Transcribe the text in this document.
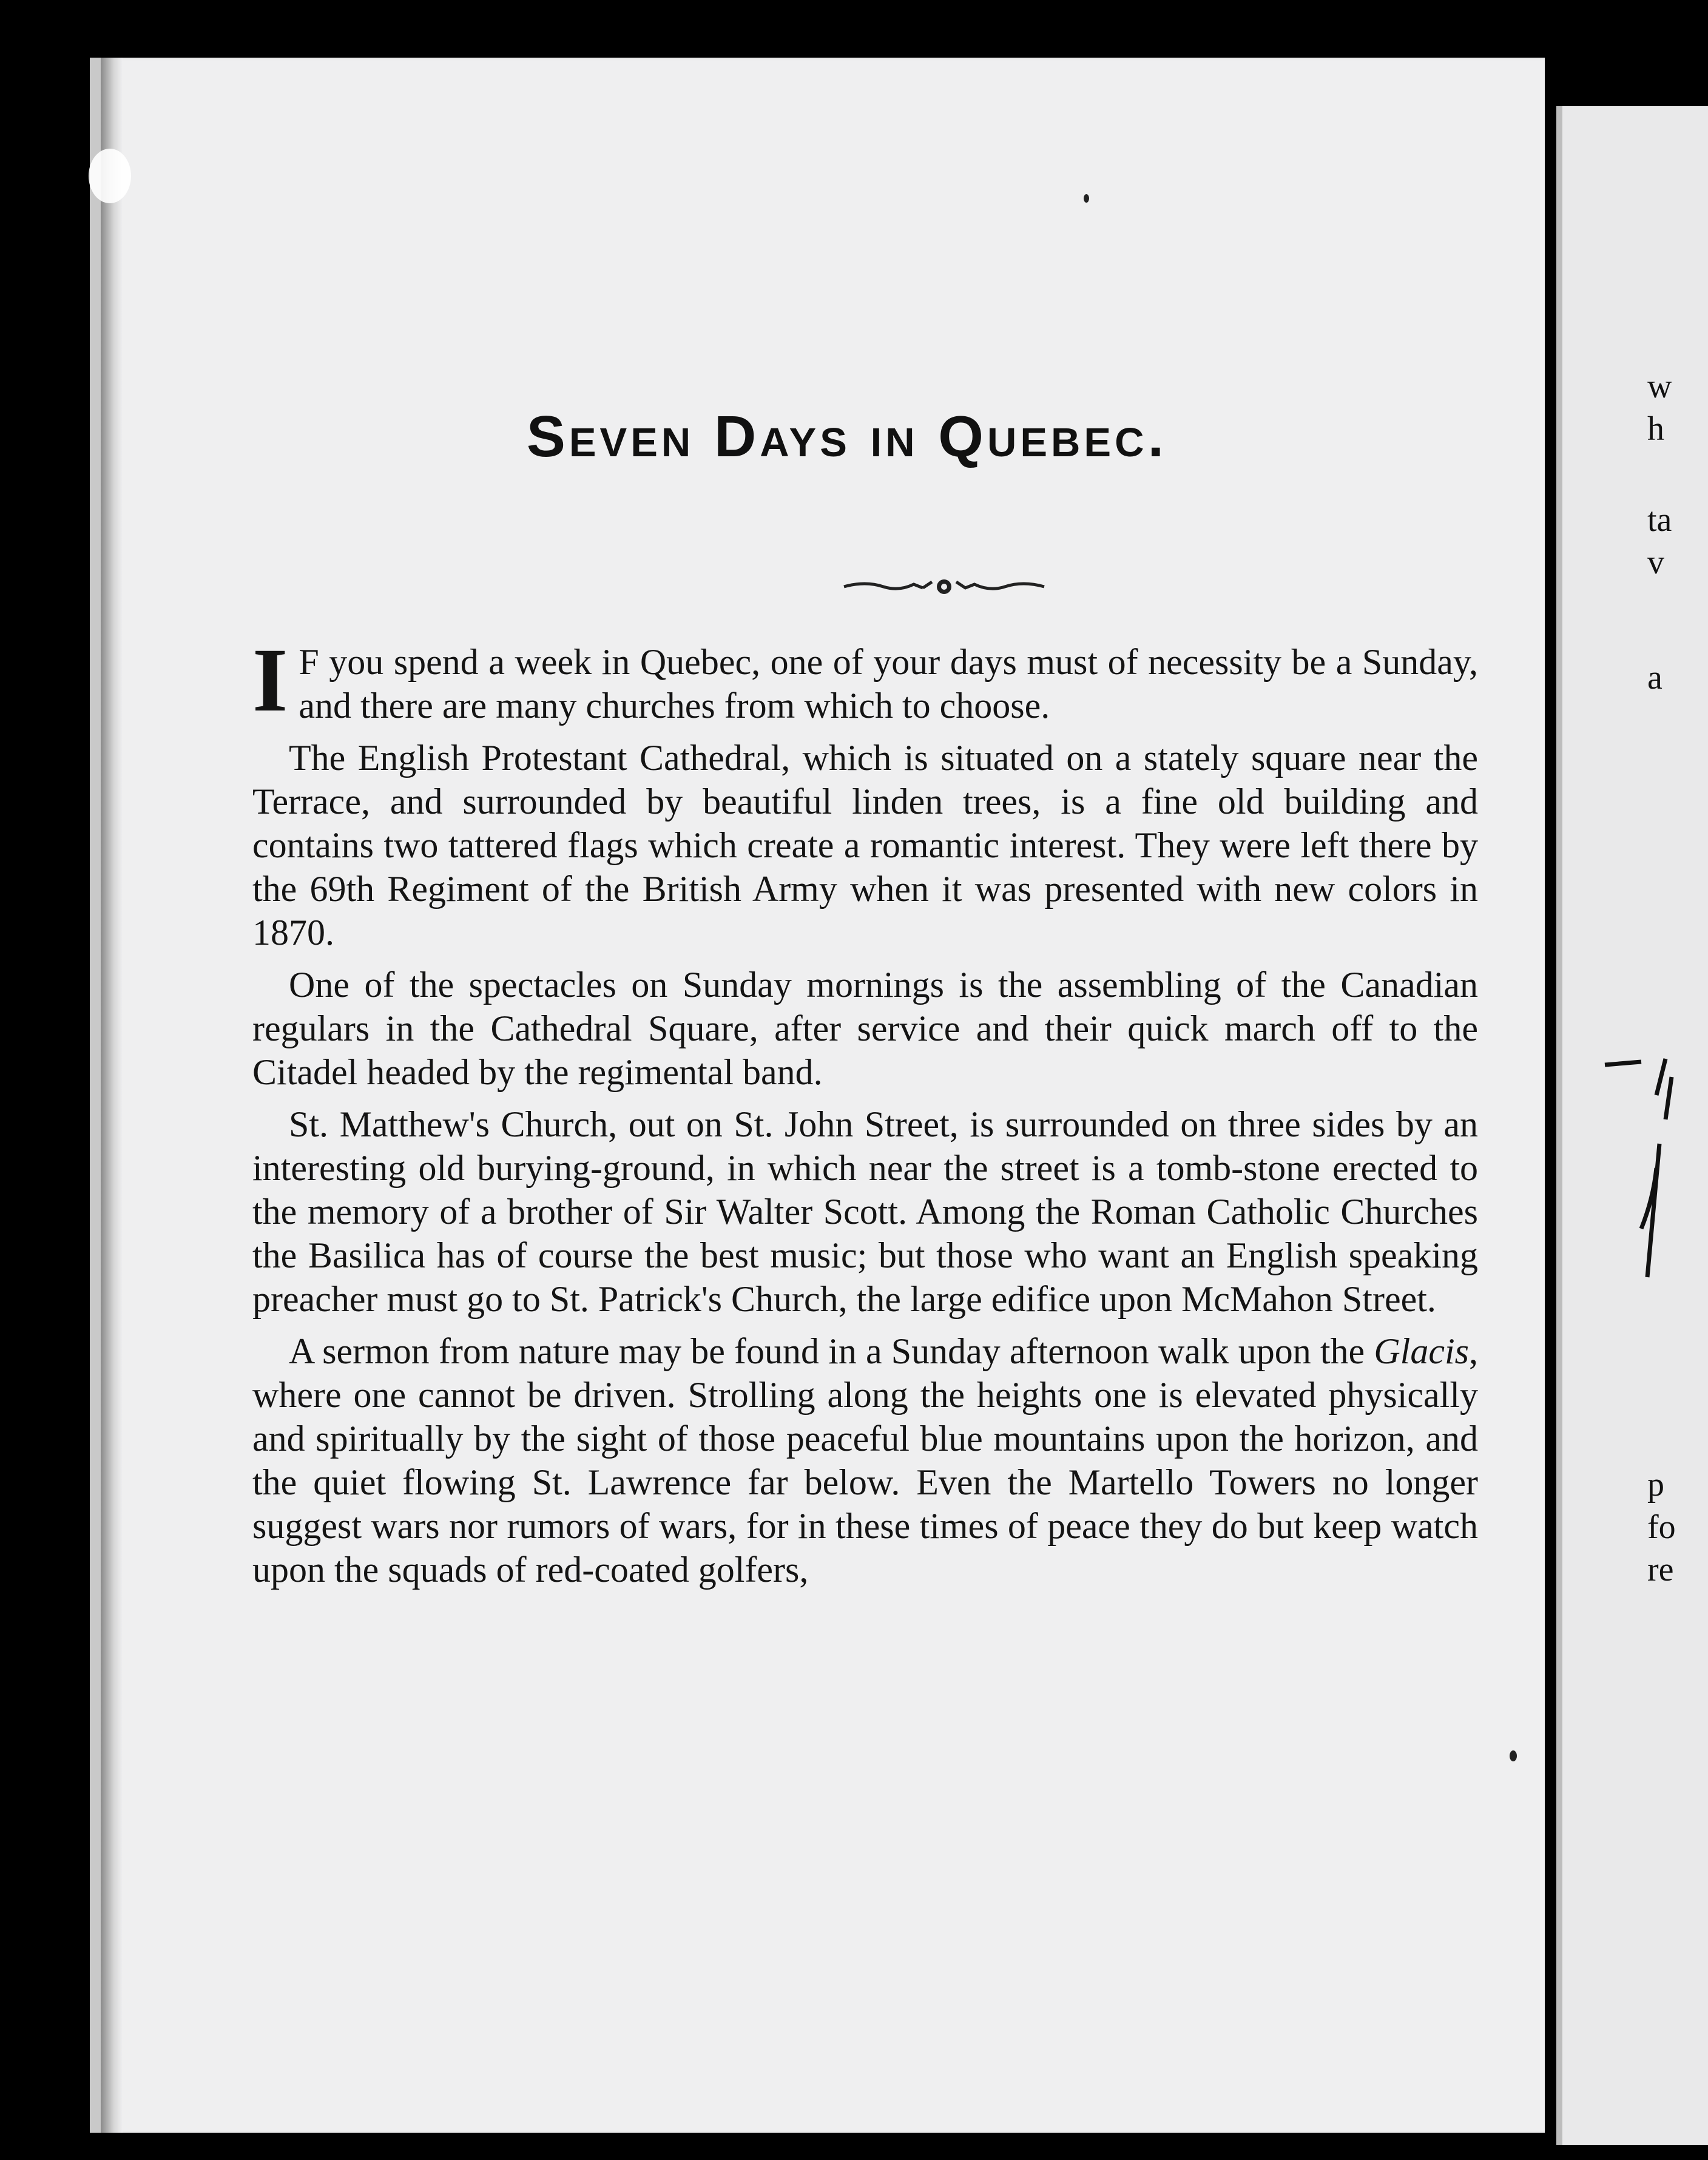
Seven Days in Quebec.

I F you spend a week in Quebec, one of your days must of necessity be a Sunday, and there are many churches from which to choose.

The English Protestant Cathedral, which is situated on a stately square near the Terrace, and surrounded by beautiful linden trees, is a fine old building and contains two tattered flags which create a romantic interest. They were left there by the 69th Regiment of the British Army when it was presented with new colors in 1870.

One of the spectacles on Sunday mornings is the assembling of the Canadian regulars in the Cathedral Square, after service and their quick march off to the Citadel headed by the regimental band.

St. Matthew's Church, out on St. John Street, is surrounded on three sides by an interesting old burying-ground, in which near the street is a tomb-stone erected to the memory of a brother of Sir Walter Scott. Among the Roman Catholic Churches the Basilica has of course the best music; but those who want an English speaking preacher must go to St. Patrick's Church, the large edifice upon McMahon Street.

A sermon from nature may be found in a Sunday afternoon walk upon the Glacis, where one cannot be driven. Strolling along the heights one is elevated physically and spiritually by the sight of those peaceful blue mountains upon the horizon, and the quiet flowing St. Lawrence far below. Even the Martello Towers no longer suggest wars nor rumors of wars, for in these times of peace they do but keep watch upon the squads of red-coated golfers,

w
h
ta
v
a
p
fo
re
